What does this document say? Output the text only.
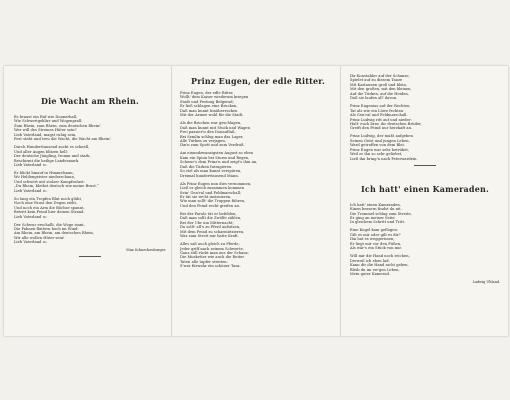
Die Wacht am Rhein.
Es braust ein Ruf wie Donnerhall,
Wie Schwertgeklirr und Wogenprall:
Zum Rhein, zum Rhein, zum deutschen Rhein!
Wer will des Stromes Hüter sein?
Lieb Vaterland, magst ruhig sein,
Fest steht und treu die Wacht, die Wacht am Rhein!
Durch Hunderttausend zuckt es schnell,
Und aller Augen blitzen hell:
Der deutsche Jüngling, fromm und stark,
Beschirmt die heilige Landesmark.
Lieb Vaterland ꝛc.
Er blickt hinauf in Himmelsaun,
Wo Heldengeister niederschaun,
Und schwört mit stolzer Kampfeslust:
„Du Rhein, bleibst deutsch wie meine Brust.“
Lieb Vaterland ꝛc.
So lang ein Tropfen Blut noch glüht,
Noch eine Faust den Degen zieht,
Und noch ein Arm die Büchse spannt,
Betritt kein Feind hier deinen Strand.
Lieb Vaterland ꝛc.
Der Schwur erschallt, die Woge rinnt,
Die Fahnen flattern hoch im Wind:
Am Rhein, am Rhein, am deutschen Rhein,
Wir alle wollen Hüter sein!
Lieb Vaterland ꝛc.
Max Schneckenburger.
Prinz Eugen, der edle Ritter.
Prinz Eugen, der edle Ritter,
Wollt' dem Kaiser wiederum kriegen
Stadt und Festung Belgerad;
Er ließ schlagen eine Brucken,
Daß man kunnt hinüberrucken
Mit der Armee wohl für die Stadt.
Als die Brucken war geschlagen,
Daß man kunnt mit Stuck und Wagen
Frei passier'n den Donaufluß,
Bei Semlin schlug man das Lager,
Alle Türken zu verjagen,
Ihn'n zum Spott und zum Verdruß.
Am einundzwanzigsten August so eben
Kam ein Spion bei Sturm und Regen,
Schwur's dem Prinz'n und zeigt's ihm an,
Daß die Türken futragieren
So viel als man kunnt verspüren,
Dreimal hunderttausend Mann.
Als Prinz Eugen nun dies vernommen,
Ließ er gleich zusammen kommen
Sein' Gen'ral und Feldmarschall;
Er tät sie recht instruieren,
Wie man sollt' die Truppen führen,
Und den Feind recht greifen an.
Bei der Parole tät er befehlen,
Daß man sollt die Zwölfe zählen,
Bei der Uhr um Mitternacht;
Da sollt' all's zu Pferd aufsitzen,
Mit dem Feind zu scharmützieren,
Was zum Streit nur hatte Kraft.
Alles saß auch gleich zu Pferde,
Jeder griff nach seinem Schwerte,
Ganz still rückt man aus der Schanz;
Die Musketier wie auch die Reiter
Taten alle tapfer streiten:
S'war fürwahr ein schöner Tanz.
Ihr Konstabler auf der Schanze,
Spielet auf zu diesem Tanze
Mit Kartaunen groß und klein,
Mit den großen, mit den kleinen,
Auf die Türken, auf die Heiden,
Daß sie laufen all' davon.
Prinz Eugenius auf der Rechten,
Tat als wie ein Löwe fechten
Als Gen'ral und Feldmarschall.
Prinz Ludwig ritt auf und nieder:
Halt' euch brav, ihr deutschen Brüder,
Greift den Feind nur herzhaft an.
Prinz Ludwig, der mußt aufgeben
Seinen Geist und jungen Leben,
Ward getroffen von dem Blei.
Prinz Eugen war sehr betrübet,
Weil er ihn so sehr geliebet,
Ließ ihn bring'n nach Peterwardein.
Ich hatt' einen Kameraden.
Ich hatt' einen Kameraden,
Einen bessern findst du nit.
Die Trommel schlug zum Streite,
Er ging an meiner Seite
In gleichem Schritt und Tritt.
Eine Kugel kam geflogen:
Gilt es mir oder gilt es dir?
Ihn hat es weggerissen;
Er liegt mir vor den Füßen,
Als wär's ein Stück von mir.
Will mir die Hand noch reichen,
Derweil ich eben lad.
Kann dir die Hand nicht geben,
Bleib du im ew'gen Leben,
Mein guter Kamerad.
Ludwig Uhland.
